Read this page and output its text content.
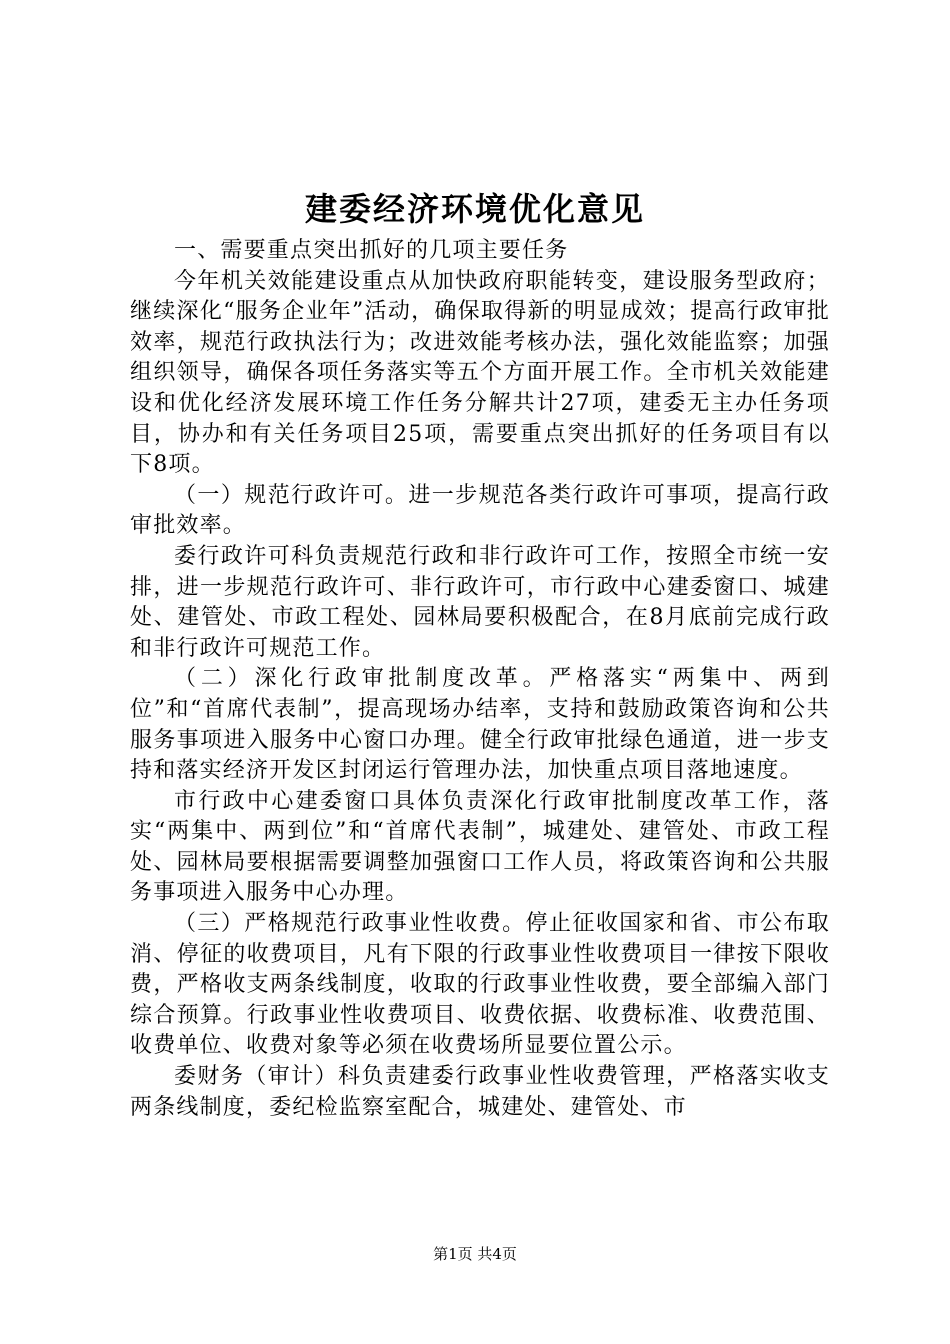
建委经济环境优化意见

一、需要重点突出抓好的几项主要任务

今年机关效能建设重点从加快政府职能转变，建设服务型政府；继续深化“服务企业年”活动，确保取得新的明显成效；提高行政审批效率，规范行政执法行为；改进效能考核办法，强化效能监察；加强组织领导，确保各项任务落实等五个方面开展工作。全市机关效能建设和优化经济发展环境工作任务分解共计27项，建委无主办任务项目，协办和有关任务项目25项，需要重点突出抓好的任务项目有以下8项。

（一）规范行政许可。进一步规范各类行政许可事项，提高行政审批效率。

委行政许可科负责规范行政和非行政许可工作，按照全市统一安排，进一步规范行政许可、非行政许可，市行政中心建委窗口、城建处、建管处、市政工程处、园林局要积极配合，在8月底前完成行政和非行政许可规范工作。

（二）深化行政审批制度改革。严格落实“两集中、两到位”和“首席代表制”，提高现场办结率，支持和鼓励政策咨询和公共服务事项进入服务中心窗口办理。健全行政审批绿色通道，进一步支持和落实经济开发区封闭运行管理办法，加快重点项目落地速度。

市行政中心建委窗口具体负责深化行政审批制度改革工作，落实“两集中、两到位”和“首席代表制”，城建处、建管处、市政工程处、园林局要根据需要调整加强窗口工作人员，将政策咨询和公共服务事项进入服务中心办理。

（三）严格规范行政事业性收费。停止征收国家和省、市公布取消、停征的收费项目，凡有下限的行政事业性收费项目一律按下限收费，严格收支两条线制度，收取的行政事业性收费，要全部编入部门综合预算。行政事业性收费项目、收费依据、收费标准、收费范围、收费单位、收费对象等必须在收费场所显要位置公示。

委财务（审计）科负责建委行政事业性收费管理，严格落实收支两条线制度，委纪检监察室配合，城建处、建管处、市

第1页 共4页
